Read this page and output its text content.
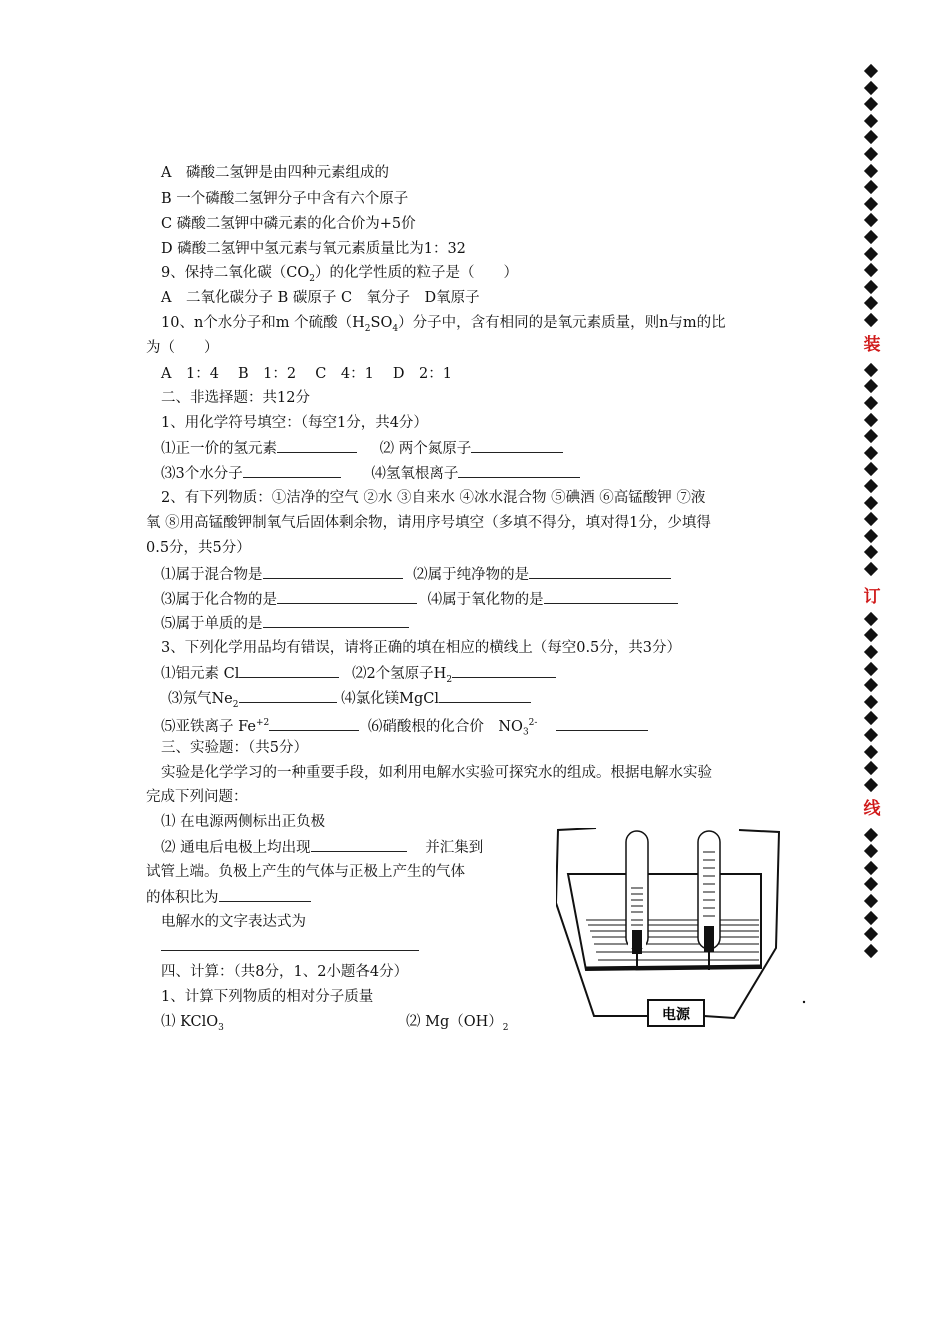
A　磷酸二氢钾是由四种元素组成的
B 一个磷酸二氢钾分子中含有六个原子
C 磷酸二氢钾中磷元素的化合价为+5价
D 磷酸二氢钾中氢元素与氧元素质量比为1：32
9、保持二氧化碳$(CO_2)$的化学性质的粒子是（　　）
A　二氧化碳分子 B 碳原子 C　氧分子　D氧原子
10、n个水分子和m 个硫酸$(H_2SO_4)$分子中，含有相同的是氧元素质量，则n与m的比
为（　　）
A　1：4　 B　1：2　 C　4：1　 D　2：1
二、非选择题：共12分
1、用化学符号填空：（每空1分，共4分）
⑴正一价的氢元素	⑵ 两个氮原子
⑶3个水分子	⑷氢氧根离子
2、有下列物质：①洁净的空气 ②水 ③自来水 ④冰水混合物 ⑤碘酒 ⑥高锰酸钾 ⑦液
氧 ⑧用高锰酸钾制氧气后固体剩余物，请用序号填空（多填不得分，填对得1分，少填得
0.5分，共5分）
⑴属于混合物是	⑵属于纯净物的是
⑶属于化合物的是	⑷属于氧化物的是
⑸属于单质的是
3、下列化学用品均有错误，请将正确的填在相应的横线上（每空0.5分，共3分）
⑴铝元素 Cl	⑵2个氢原子$H_2$
⑶氖气$Ne_2$	⑷氯化镁MgCl
⑸亚铁离子 $Fe^{+2}$	⑹硝酸根的化合价　$NO_3^{2-}$
三、实验题：（共5分）
实验是化学学习的一种重要手段，如利用电解水实验可探究水的组成。根据电解水实验
完成下列问题：
⑴ 在电源两侧标出正负极
⑵ 通电后电极上均出现	并汇集到
试管上端。负极上产生的气体与正极上产生的气体
的体积比为
电解水的文字表达式为
四、计算：（共8分，1、2小题各4分）
1、计算下列物质的相对分子质量
⑴ KClO$_3$	⑵ $Mg(OH)_2$
电源
装
订
线
